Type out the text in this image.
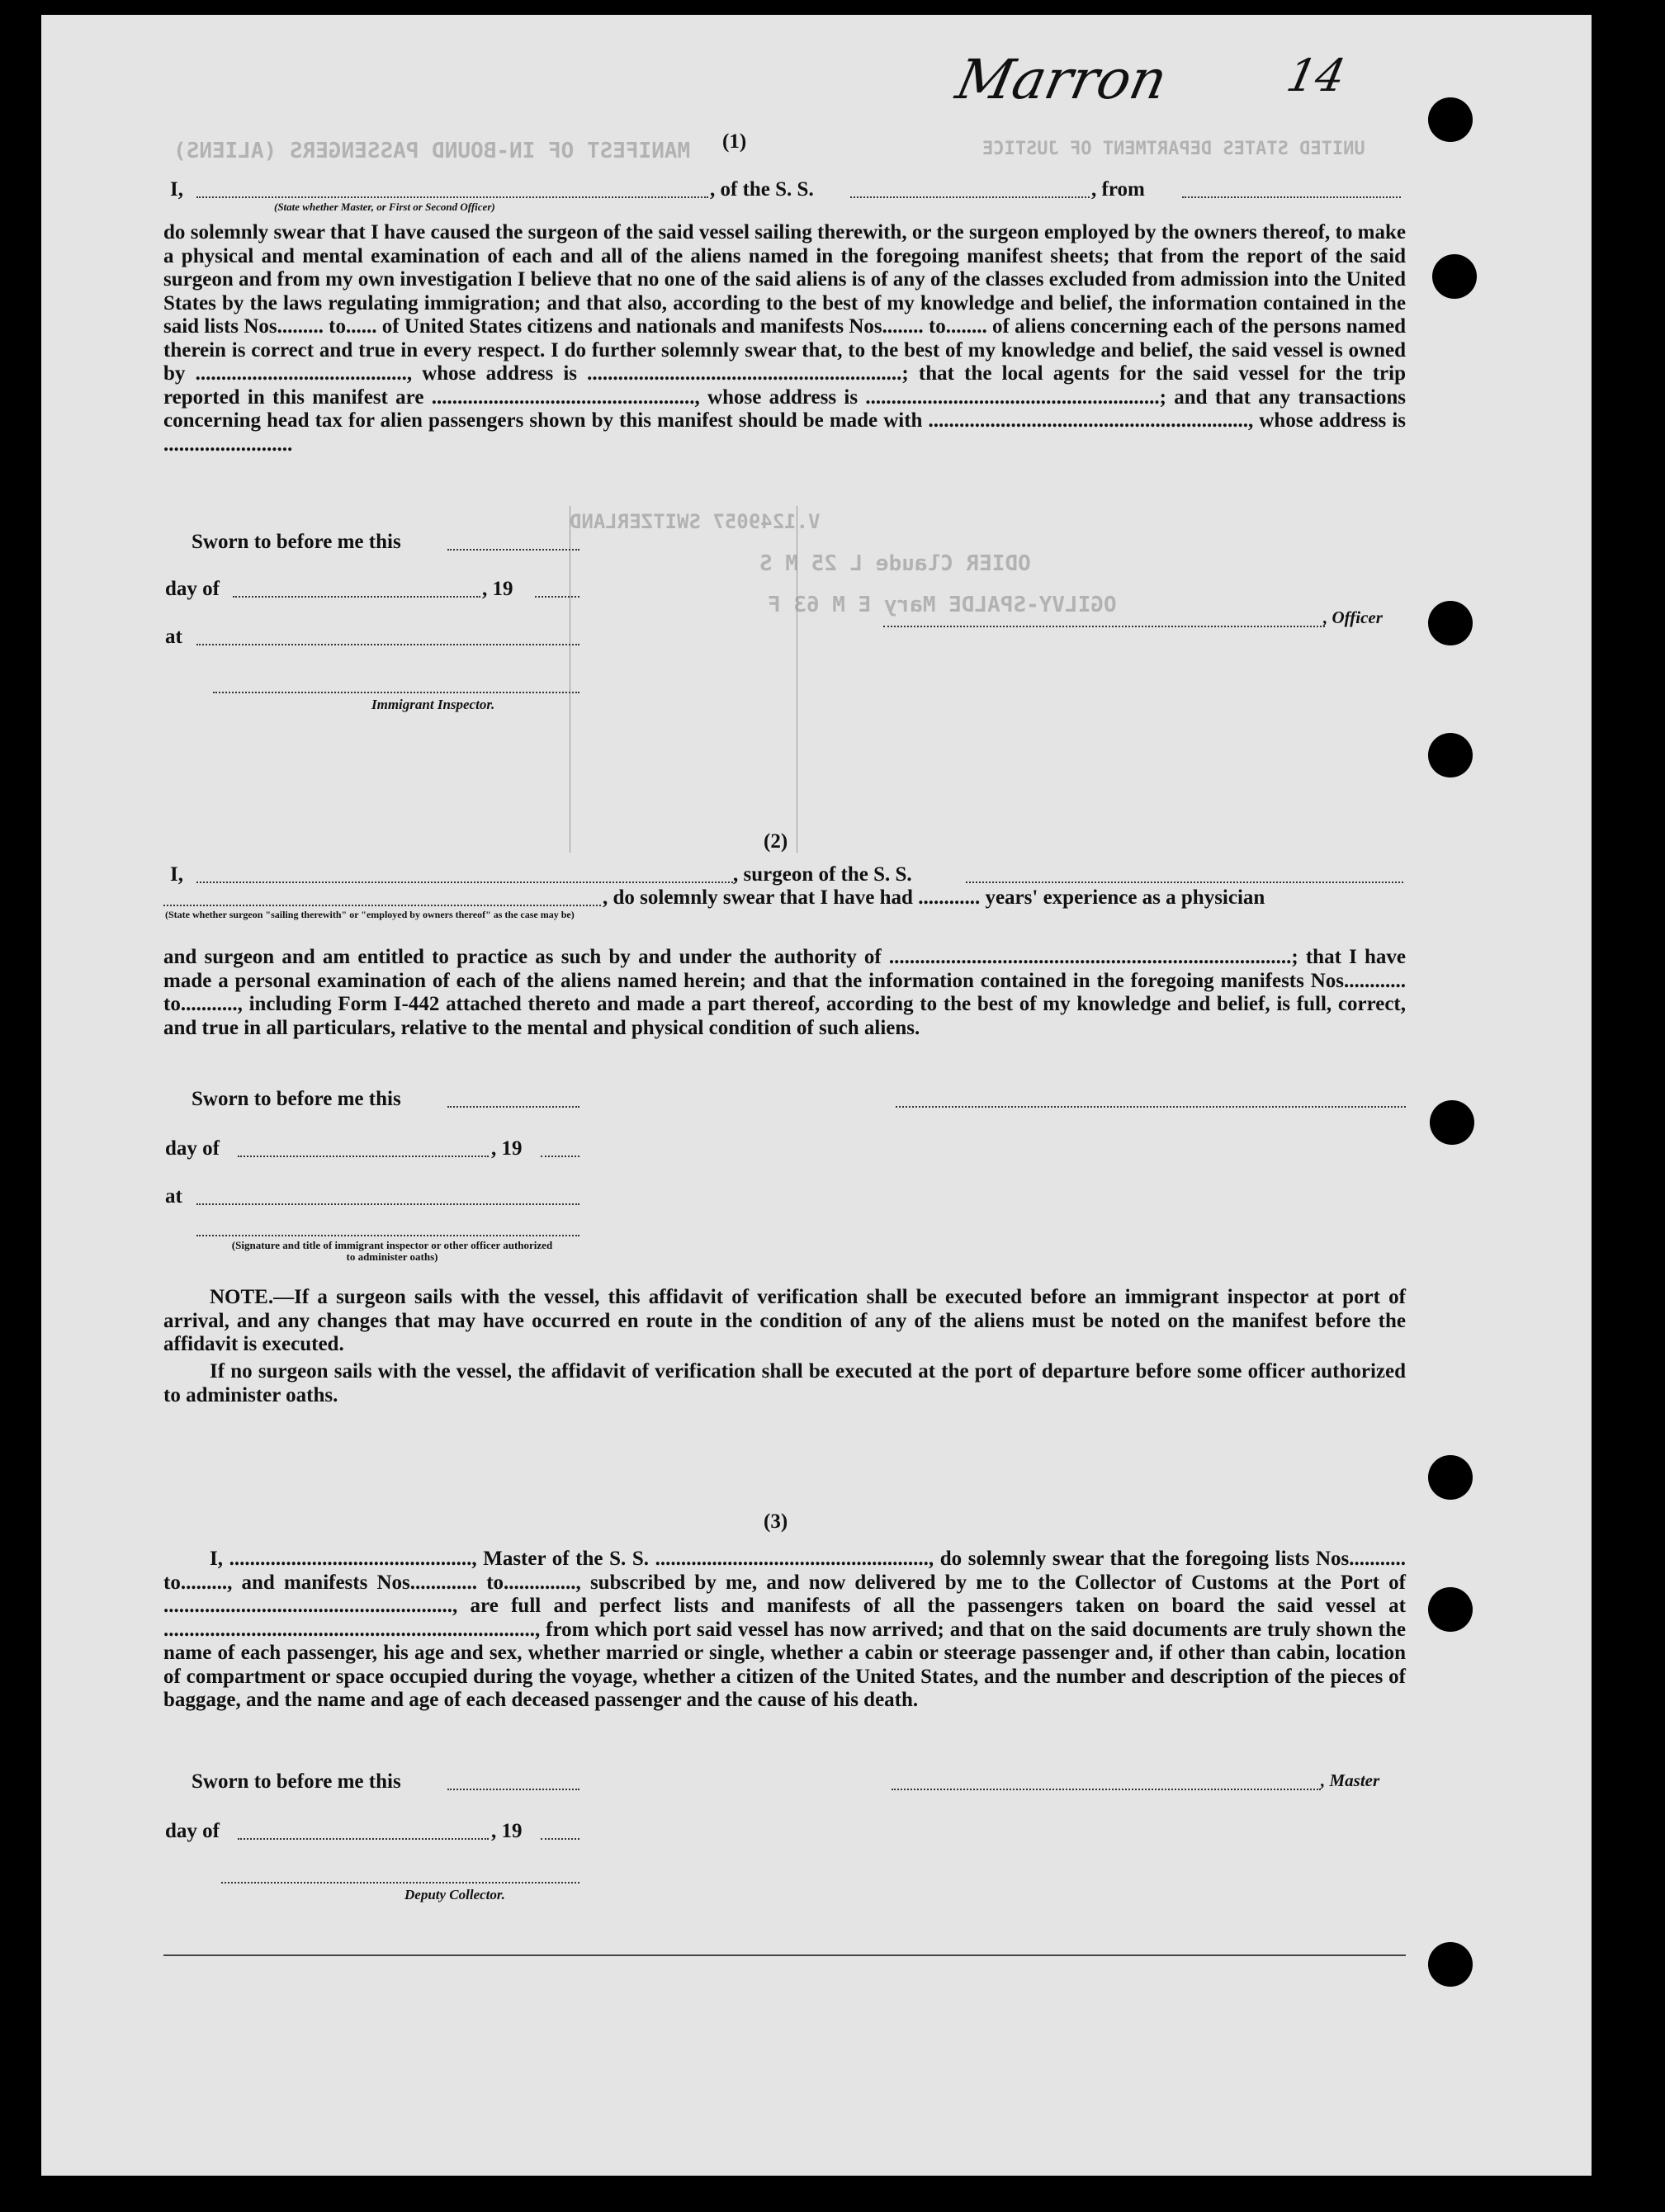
MANIFEST OF IN-BOUND PASSENGERS (ALIENS)	UNITED STATES DEPARTMENT OF JUSTICE
ODIER Claude L 25 M S
OGILVY-SPALDE Mary E M 63 F
V.1249057 SWITZERLAND
Marron 14
(1)
I,	, of the S. S.	, from
(State whether Master, or First or Second Officer)

do solemnly swear that I have caused the surgeon of the said vessel sailing therewith, or the surgeon employed by the owners thereof, to make a physical and mental examination of each and all of the aliens named in the foregoing manifest sheets; that from the report of the said surgeon and from my own investigation I believe that no one of the said aliens is of any of the classes excluded from admission into the United States by the laws regulating immigration; and that also, according to the best of my knowledge and belief, the information contained in the said lists Nos......... to...... of United States citizens and nationals and manifests Nos........ to........ of aliens concerning each of the persons named therein is correct and true in every respect. I do further solemnly swear that, to the best of my knowledge and belief, the said vessel is owned by ........................................., whose address is .............................................................; that the local agents for the said vessel for the trip reported in this manifest are ..................................................., whose address is .........................................................; and that any transactions concerning head tax for alien passengers shown by this manifest should be made with .............................................................., whose address is .........................

Sworn to before me this
day of	, 19
at
Immigrant Inspector.
, Officer
(2)
I,	, surgeon of the S. S.
, do solemnly swear that I have had ............ years' experience as a physician
(State whether surgeon "sailing therewith" or "employed by owners thereof" as the case may be)

and surgeon and am entitled to practice as such by and under the authority of ..............................................................................; that I have made a personal examination of each of the aliens named herein; and that the information contained in the foregoing manifests Nos............ to..........., including Form I-442 attached thereto and made a part thereof, according to the best of my knowledge and belief, is full, correct, and true in all particulars, relative to the mental and physical condition of such aliens.

Sworn to before me this
day of	, 19
at
(Signature and title of immigrant inspector or other officer authorized to administer oaths)

NOTE.—If a surgeon sails with the vessel, this affidavit of verification shall be executed before an immigrant inspector at port of arrival, and any changes that may have occurred en route in the condition of any of the aliens must be noted on the manifest before the affidavit is executed.

If no surgeon sails with the vessel, the affidavit of verification shall be executed at the port of departure before some officer authorized to administer oaths.

(3)

I, ..............................................., Master of the S. S. ....................................................., do solemnly swear that the foregoing lists Nos........... to........., and manifests Nos............. to.............., subscribed by me, and now delivered by me to the Collector of Customs at the Port of ........................................................, are full and perfect lists and manifests of all the passengers taken on board the said vessel at ........................................................................, from which port said vessel has now arrived; and that on the said documents are truly shown the name of each passenger, his age and sex, whether married or single, whether a cabin or steerage passenger and, if other than cabin, location of compartment or space occupied during the voyage, whether a citizen of the United States, and the number and description of the pieces of baggage, and the name and age of each deceased passenger and the cause of his death.

Sworn to before me this	, Master
day of	, 19
Deputy Collector.
